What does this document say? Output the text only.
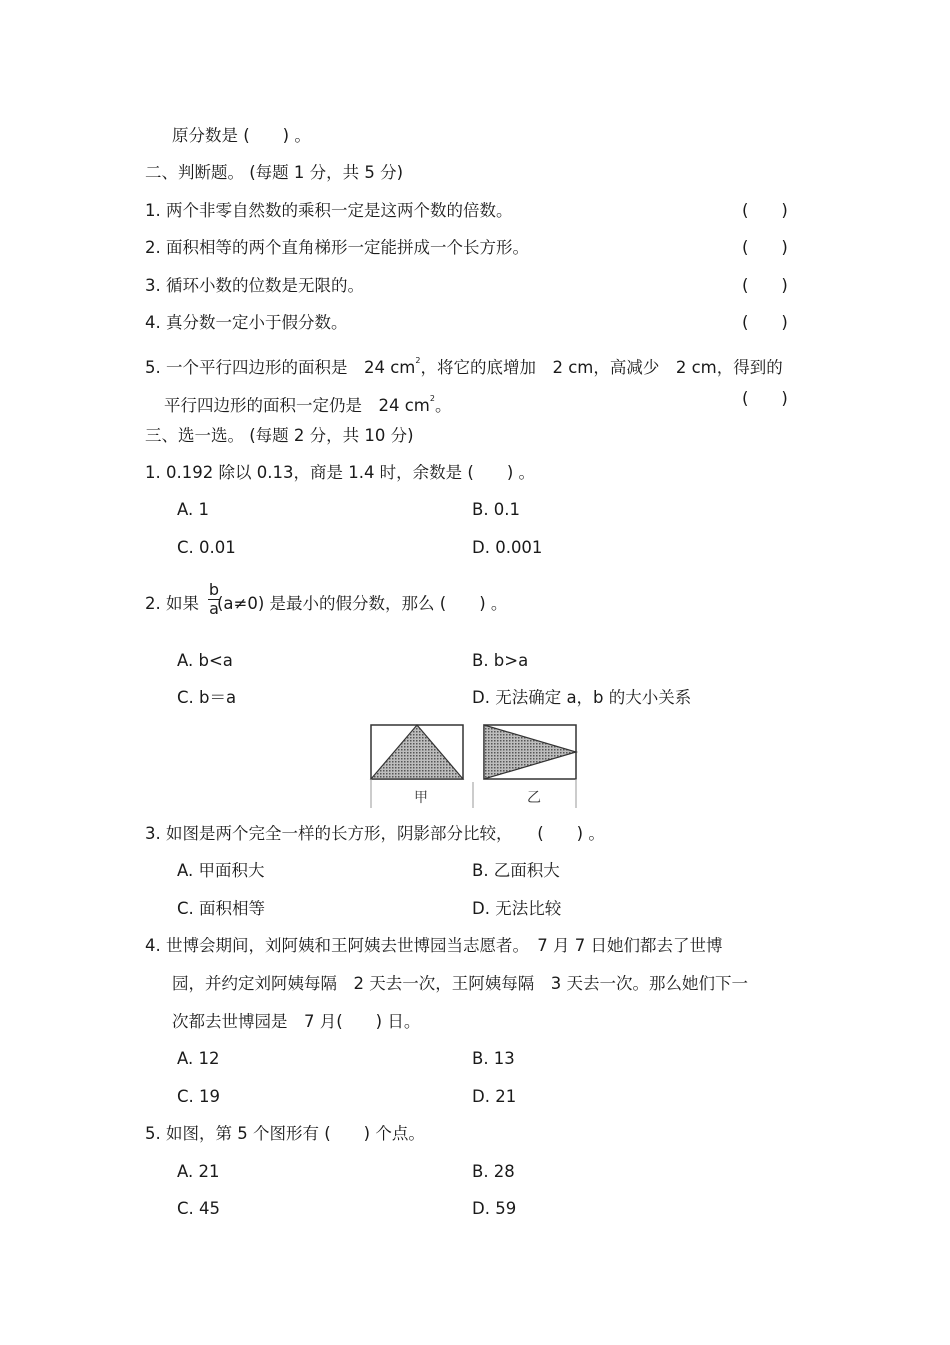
原分数是 (　　) 。
二、判断题。 (每题 1 分，共 5 分)
1. 两个非零自然数的乘积一定是这两个数的倍数。	(　　)
2. 面积相等的两个直角梯形一定能拼成一个长方形。	(　　)
3. 循环小数的位数是无限的。	(　　)
4. 真分数一定小于假分数。	(　　)
5. 一个平行四边形的面积是　24 $cm^2$，将它的底增加　2 cm，高减少　2 cm，得到的
平行四边形的面积一定仍是　24 $cm^2$。	(　　)
三、选一选。 (每题 2 分，共 10 分)
1. 0.192 除以 0.13，商是 1.4 时，余数是 (　　) 。
A. 1	B. 0.1
C. 0.01	D. 0.001
2. 如果 (a≠0) 是最小的假分数，那么 (　　) 。
b
a
A. b<a	B. b>a
C. b＝a	D. 无法确定 a，b 的大小关系
甲	乙
3. 如图是两个完全一样的长方形，阴影部分比较，　　(　　) 。
A. 甲面积大	B. 乙面积大
C. 面积相等	D. 无法比较
4. 世博会期间，刘阿姨和王阿姨去世博园当志愿者。　7 月 7 日她们都去了世博
园，并约定刘阿姨每隔　2 天去一次，王阿姨每隔　3 天去一次。那么她们下一
次都去世博园是　7 月(　　) 日。
A. 12	B. 13
C. 19	D. 21
5. 如图，第 5 个图形有 (　　) 个点。
A. 21	B. 28
C. 45	D. 59
